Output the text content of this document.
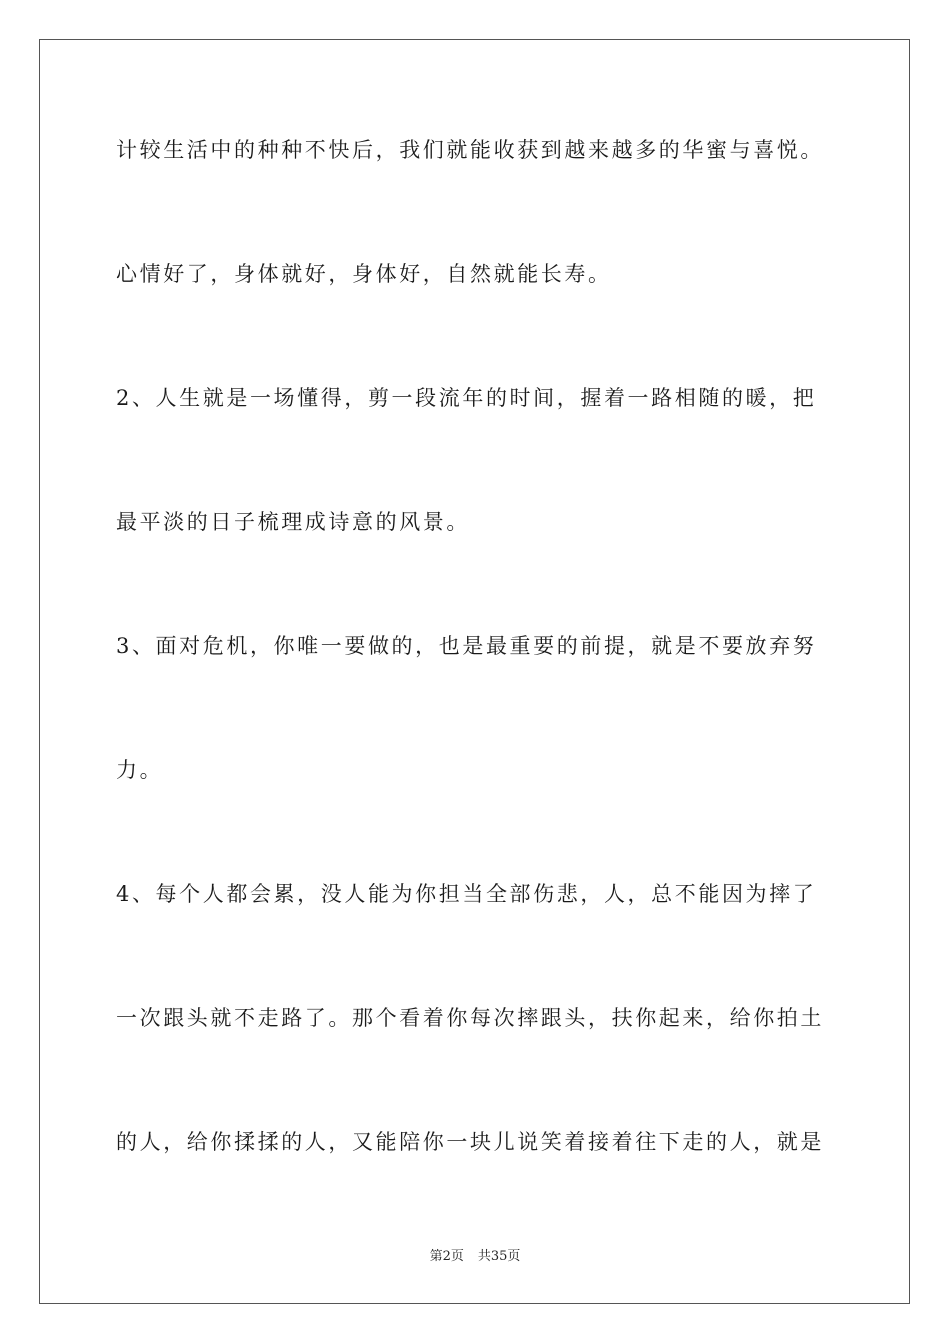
计较生活中的种种不快后，我们就能收获到越来越多的华蜜与喜悦。
心情好了，身体就好，身体好，自然就能长寿。
2、人生就是一场懂得，剪一段流年的时间，握着一路相随的暖，把
最平淡的日子梳理成诗意的风景。
3、面对危机，你唯一要做的，也是最重要的前提，就是不要放弃努
力。
4、每个人都会累，没人能为你担当全部伤悲，人，总不能因为摔了
一次跟头就不走路了。那个看着你每次摔跟头，扶你起来，给你拍土
的人，给你揉揉的人，又能陪你一块儿说笑着接着往下走的人，就是
第2页 共35页
